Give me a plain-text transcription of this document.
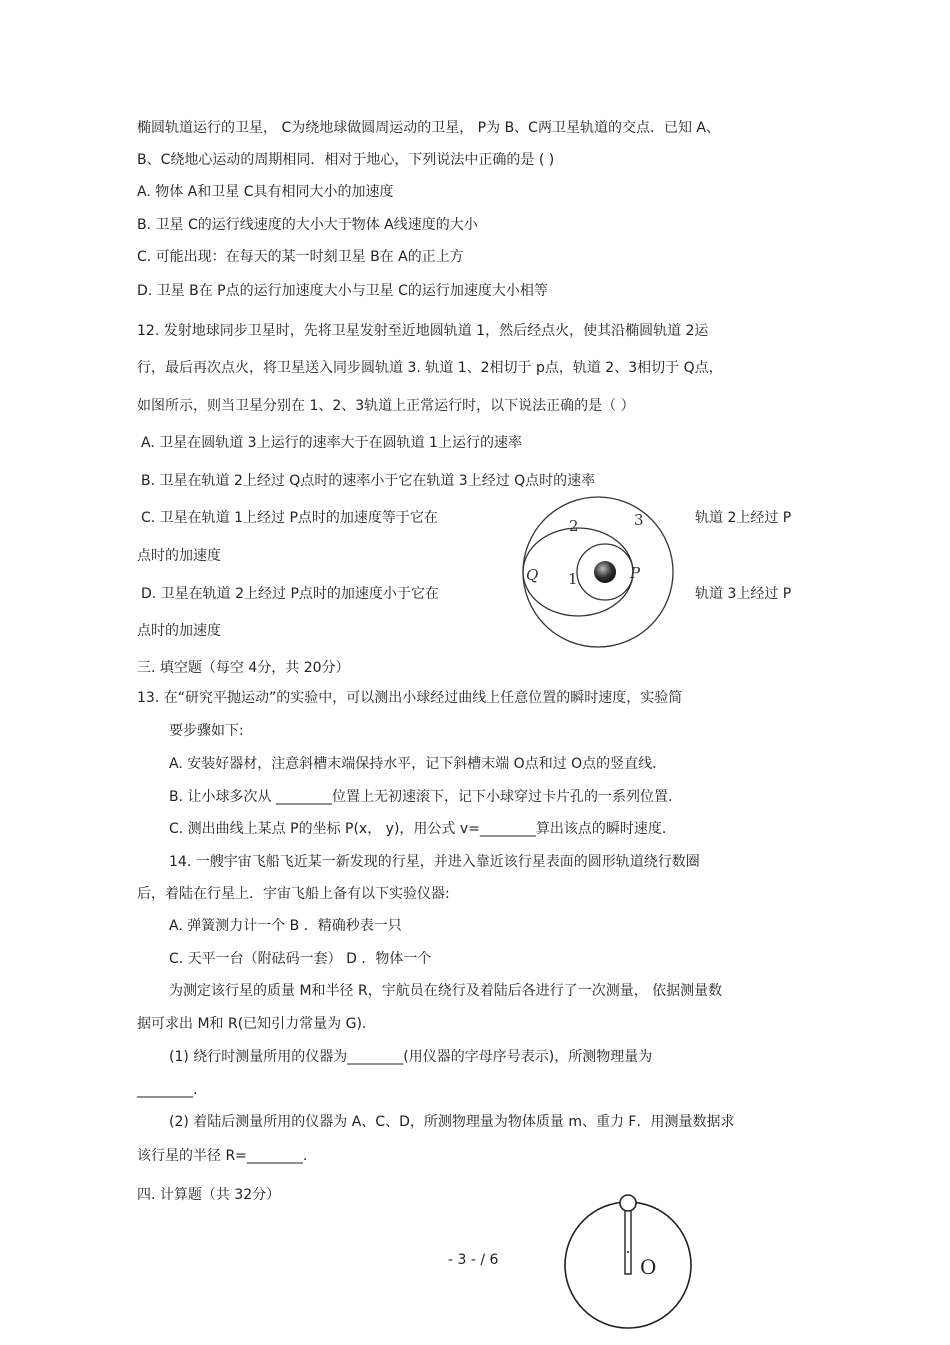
椭圆轨道运行的卫星， C为绕地球做圆周运动的卫星， P为 B、C两卫星轨道的交点．已知 A、
B、C绕地心运动的周期相同．相对于地心，下列说法中正确的是 ( )
A. 物体 A和卫星 C具有相同大小的加速度
B. 卫星 C的运行线速度的大小大于物体 A线速度的大小
C. 可能出现：在每天的某一时刻卫星 B在 A的正上方
D. 卫星 B在 P点的运行加速度大小与卫星 C的运行加速度大小相等
12. 发射地球同步卫星时，先将卫星发射至近地圆轨道 1，然后经点火，使其沿椭圆轨道 2运
行，最后再次点火，将卫星送入同步圆轨道 3. 轨道 1、2相切于 p点，轨道 2、3相切于 Q点，
如图所示，则当卫星分别在 1、2、3轨道上正常运行时，以下说法正确的是（ ）
A. 卫星在圆轨道 3上运行的速率大于在圆轨道 1上运行的速率
B. 卫星在轨道 2上经过 Q点时的速率小于它在轨道 3上经过 Q点时的速率
C. 卫星在轨道 1上经过 P点时的加速度等于它在	轨道 2上经过 P
点时的加速度
D. 卫星在轨道 2上经过 P点时的加速度小于它在	轨道 3上经过 P
点时的加速度
1
2	3
Q	P
三. 填空题（每空 4分，共 20分）
13. 在“研究平抛运动”的实验中，可以测出小球经过曲线上任意位置的瞬时速度，实验简
要步骤如下:
A. 安装好器材，注意斜槽末端保持水平，记下斜槽末端 O点和过 O点的竖直线．
B. 让小球多次从 ________位置上无初速滚下，记下小球穿过卡片孔的一系列位置．
C. 测出曲线上某点 P的坐标 P(x， y)，用公式 v=________算出该点的瞬时速度．
14. 一艘宇宙飞船飞近某一新发现的行星，并进入靠近该行星表面的圆形轨道绕行数圈
后，着陆在行星上．宇宙飞船上备有以下实验仪器:
A. 弹簧测力计一个 B ．精确秒表一只
C. 天平一台（附砝码一套） D ．物体一个
为测定该行星的质量 M和半径 R，宇航员在绕行及着陆后各进行了一次测量， 依据测量数
据可求出 M和 R(已知引力常量为 G)．
(1) 绕行时测量所用的仪器为________(用仪器的字母序号表示)，所测物理量为
________.
(2) 着陆后测量所用的仪器为 A、C、D，所测物理量为物体质量 m、重力 F．用测量数据求
该行星的半径 R=________.
四. 计算题（共 32分）
- 3 - / 6	O
